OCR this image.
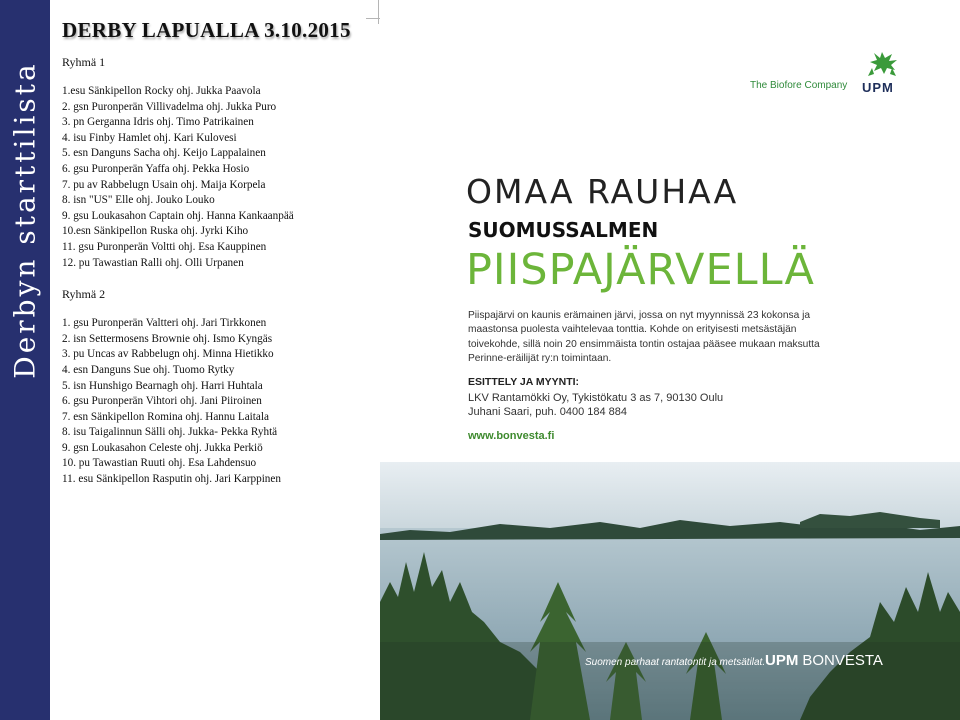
Derbyn starttilista
DERBY LAPUALLA 3.10.2015

Ryhmä 1

1.esu Sänkipellon Rocky ohj. Jukka Paavola
2. gsn Puronperän Villivadelma ohj. Jukka Puro
3. pn Gerganna Idris ohj. Timo Patrikainen
4. isu Finby Hamlet ohj. Kari Kulovesi
5. esn Danguns Sacha ohj. Keijo Lappalainen
6. gsu Puronperän Yaffa ohj. Pekka Hosio
7. pu av Rabbelugn Usain ohj. Maija Korpela
8. isn "US" Elle ohj. Jouko Louko
9. gsu Loukasahon Captain ohj. Hanna Kankaanpää
10.esn Sänkipellon Ruska ohj. Jyrki Kiho
11. gsu Puronperän Voltti ohj. Esa Kauppinen
12. pu Tawastian Ralli ohj. Olli Urpanen

Ryhmä 2

1. gsu Puronperän Valtteri ohj. Jari Tirkkonen
2. isn Settermosens Brownie ohj. Ismo Kyngäs
3. pu Uncas av Rabbelugn ohj. Minna Hietikko
4. esn Danguns Sue ohj. Tuomo Rytky
5. isn Hunshigo Bearnagh ohj. Harri Huhtala
6. gsu Puronperän Vihtori ohj. Jani Piiroinen
7. esn Sänkipellon Romina ohj. Hannu Laitala
8. isu Taigalinnun Sälli ohj. Jukka- Pekka Ryhtä
9. gsn Loukasahon Celeste ohj. Jukka Perkiö
10. pu Tawastian Ruuti ohj. Esa Lahdensuo
11. esu Sänkipellon Rasputin ohj. Jari Karppinen
The Biofore Company UPM
OMAA RAUHAA
SUOMUSSALMEN
PIISPAJÄRVELLÄ

Piispajärvi on kaunis erämainen järvi, jossa on nyt myynnissä 23 kokonsa ja maastonsa puolesta vaihtelevaa tonttia. Kohde on erityisesti metsästäjän toivekohde, sillä noin 20 ensimmäista tontin ostajaa pääsee mukaan maksutta Perinne-eräilijät ry:n toimintaan.

ESITTELY JA MYYNTI:
LKV Rantamökki Oy, Tykistökatu 3 as 7, 90130 Oulu
Juhani Saari, puh. 0400 184 884
www.bonvesta.fi
Suomen parhaat rantatontit ja metsätilat. UPM BONVESTA
